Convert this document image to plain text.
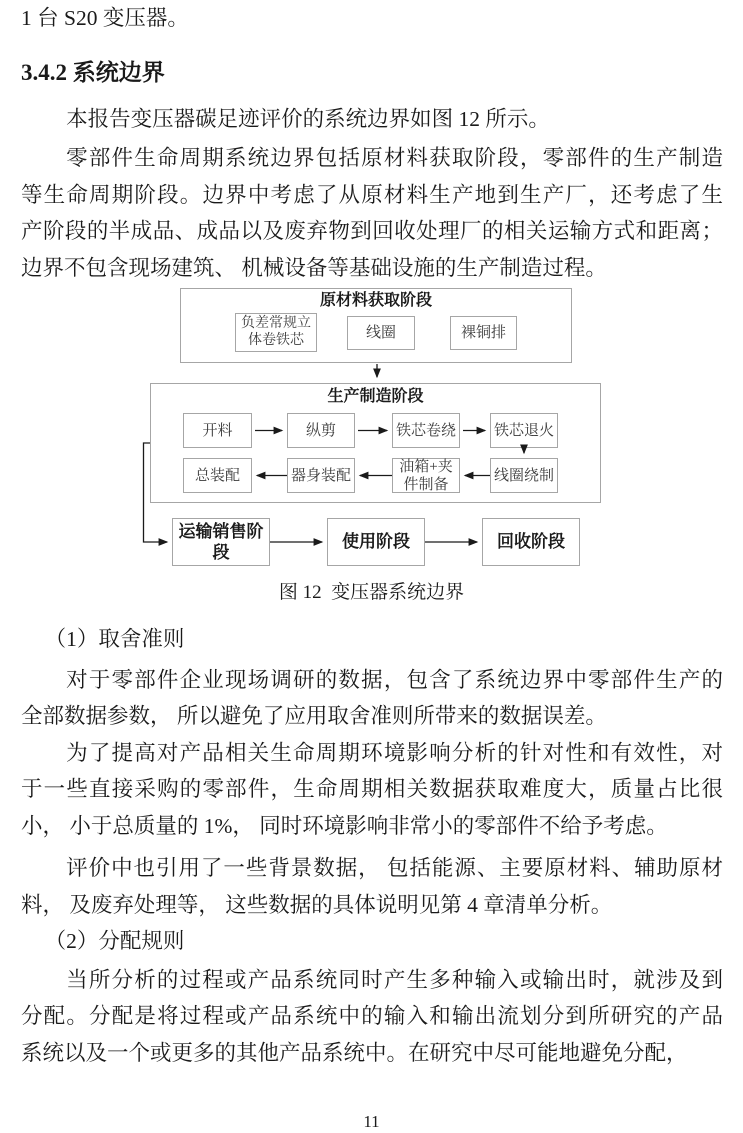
1 台 S20 变压器。
3.4.2 系统边界
本报告变压器碳足迹评价的系统边界如图 12 所示。
零部件生命周期系统边界包括原材料获取阶段，零部件的生产制造
等生命周期阶段。边界中考虑了从原材料生产地到生产厂，还考虑了生
产阶段的半成品、成品以及废弃物到回收处理厂的相关运输方式和距离；
边界不包含现场建筑、 机械设备等基础设施的生产制造过程。
原材料获取阶段
负差常规立体卷铁芯	线圈	裸铜排
生产制造阶段
开料	纵剪	铁芯卷绕	铁芯退火
总装配	器身装配
油箱+夹件制备
线圈绕制
运输销售阶段
使用阶段	回收阶段
图 12  变压器系统边界
（1）取舍准则
对于零部件企业现场调研的数据，包含了系统边界中零部件生产的
全部数据参数， 所以避免了应用取舍准则所带来的数据误差。
为了提高对产品相关生命周期环境影响分析的针对性和有效性，对
于一些直接采购的零部件，生命周期相关数据获取难度大，质量占比很
小， 小于总质量的 1%， 同时环境影响非常小的零部件不给予考虑。
评价中也引用了一些背景数据， 包括能源、主要原材料、辅助原材
料， 及废弃处理等， 这些数据的具体说明见第 4 章清单分析。
（2）分配规则
当所分析的过程或产品系统同时产生多种输入或输出时，就涉及到
分配。分配是将过程或产品系统中的输入和输出流划分到所研究的产品
系统以及一个或更多的其他产品系统中。在研究中尽可能地避免分配，
11
